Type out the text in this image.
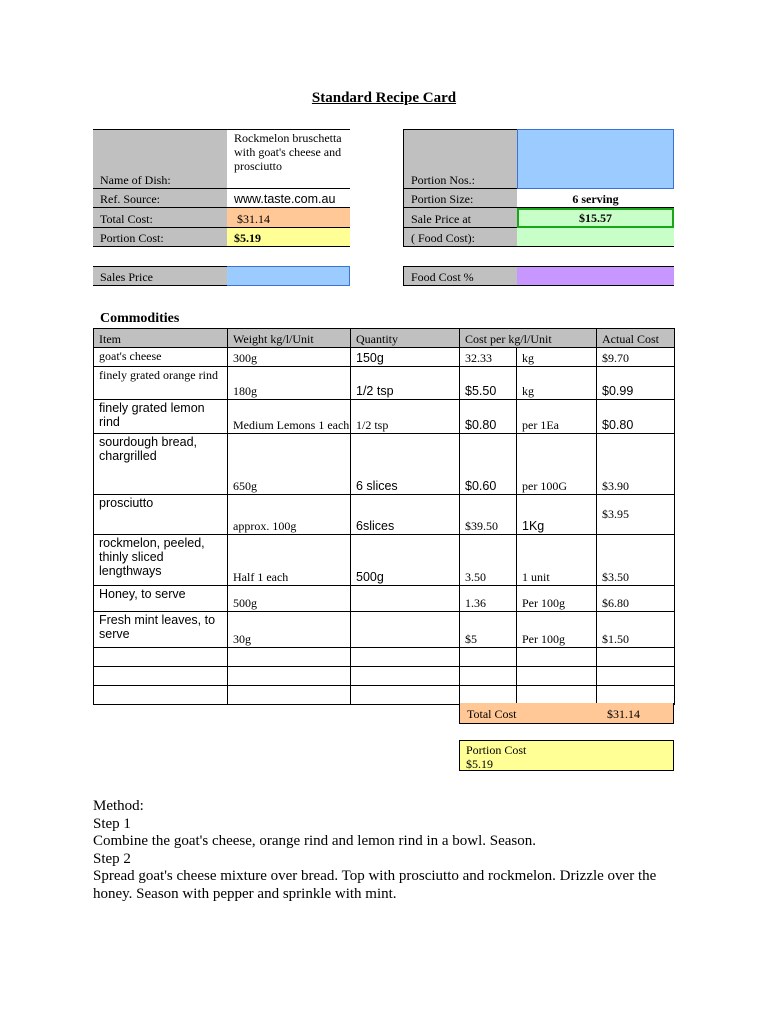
Standard Recipe Card
Name of Dish:
Rockmelon bruschetta with goat's cheese and prosciutto
Ref. Source:	www.taste.com.au
Total Cost:	$31.14
Portion Cost:	$5.19
Sales Price
Portion Nos.:
Portion Size:	6 serving
Sale Price at	$15.57
( Food Cost):
Food Cost %
Commodities
Item	Weight kg/l/Unit	Quantity	Cost per kg/l/Unit		Actual Cost
goat's cheese	300g	150g	32.33	kg	$9.70
finely grated orange rind	180g	1/2 tsp	$5.50	kg	$0.99
finely grated lemon rind	Medium Lemons 1 each	1/2 tsp	$0.80	per 1Ea	$0.80
sourdough bread, chargrilled	650g	6 slices	$0.60	per 100G	$3.90
prosciutto	approx. 100g	6slices	$39.50	1Kg	$3.95
rockmelon, peeled, thinly sliced lengthways	Half 1 each	500g	3.50	1 unit	$3.50
Honey, to serve	500g		1.36	Per 100g	$6.80
Fresh mint leaves, to serve	30g		$5	Per 100g	$1.50

Total Cost	$31.14
Portion Cost
$5.19
Method:
Step 1
Combine the goat's cheese, orange rind and lemon rind in a bowl. Season.
Step 2
Spread goat's cheese mixture over bread. Top with prosciutto and rockmelon. Drizzle over the honey. Season with pepper and sprinkle with mint.
